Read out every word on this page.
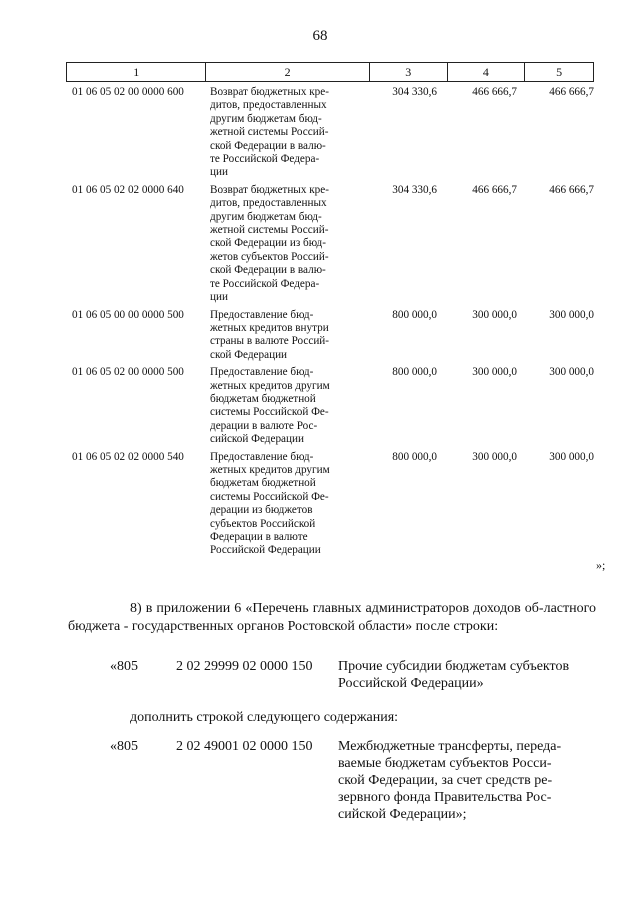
68
1	2	3	4	5
01 06 05 02 00 0000 600	Возврат бюджетных кре-
дитов, предоставленных
другим бюджетам бюд-
жетной системы Россий-
ской Федерации в валю-
те Российской Федера-
ции
304 330,6	466 666,7	466 666,7
01 06 05 02 02 0000 640	Возврат бюджетных кре-
дитов, предоставленных
другим бюджетам бюд-
жетной системы Россий-
ской Федерации из бюд-
жетов субъектов Россий-
ской Федерации в валю-
те Российской Федера-
ции
304 330,6	466 666,7	466 666,7
01 06 05 00 00 0000 500	Предоставление бюд-
жетных кредитов внутри
страны в валюте Россий-
ской Федерации
800 000,0	300 000,0	300 000,0
01 06 05 02 00 0000 500	Предоставление бюд-
жетных кредитов другим
бюджетам бюджетной
системы Российской Фе-
дерации в валюте Рос-
сийской Федерации
800 000,0	300 000,0	300 000,0
01 06 05 02 02 0000 540	Предоставление бюд-
жетных кредитов другим
бюджетам бюджетной
системы Российской Фе-
дерации из бюджетов
субъектов Российской
Федерации в валюте
Российской Федерации
800 000,0	300 000,0	300 000,0
»;
8) в приложении 6 «Перечень главных администраторов доходов об-ластного бюджета - государственных органов Ростовской области» после строки:
«805	2 02 29999 02 0000 150 Прочие субсидии бюджетам субъектов
Российской Федерации»
дополнить строкой следующего содержания:
«805	2 02 49001 02 0000 150 Межбюджетные трансферты, переда-
ваемые бюджетам субъектов Росси-
ской Федерации, за счет средств ре-
зервного фонда Правительства Рос-
сийской Федерации»;
